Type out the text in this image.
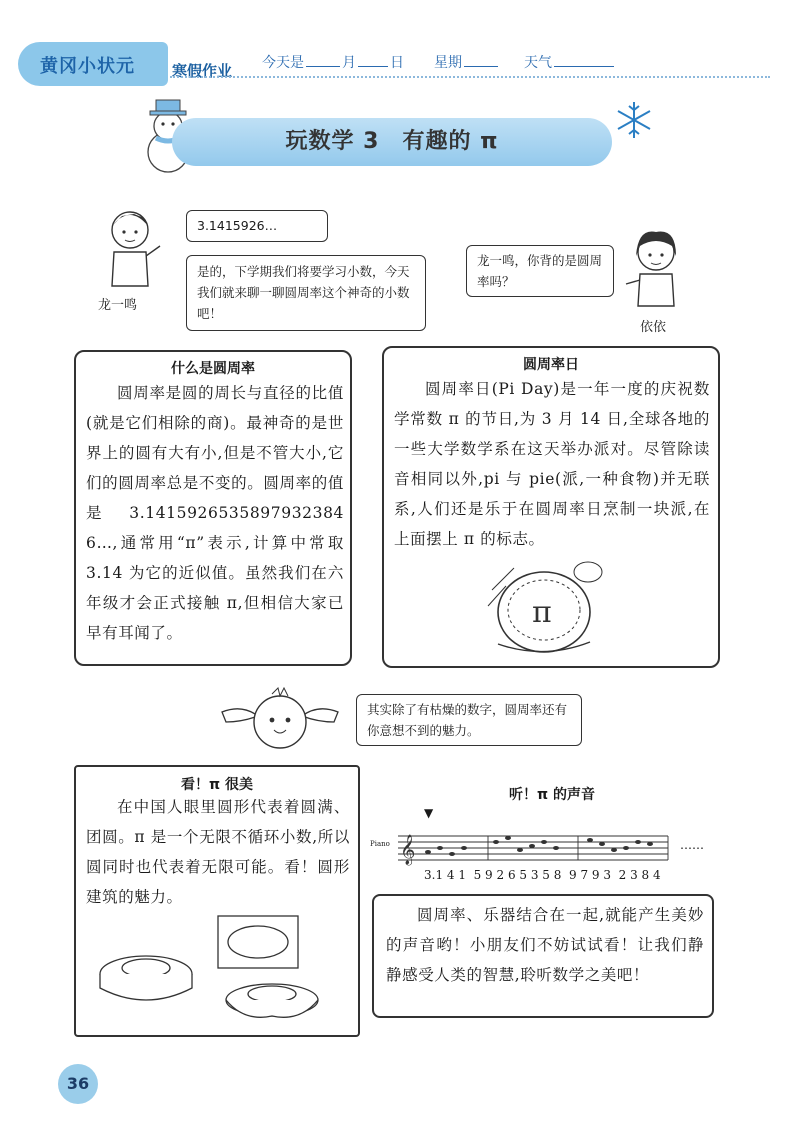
黄冈小状元 寒假作业 今天是	月 日 星期	天气
玩数学 3　有趣的 π
龙一鸣
3.1415926…
是的，下学期我们将要学习小数，今天我们就来聊一聊圆周率这个神奇的小数吧！
龙一鸣，你背的是圆周率吗？
依依
什么是圆周率

圆周率是圆的周长与直径的比值(就是它们相除的商)。最神奇的是世界上的圆有大有小,但是不管大小,它们的圆周率总是不变的。圆周率的值是3.1415926535897932384 6…,通常用“π”表示,计算中常取 3.14 为它的近似值。虽然我们在六年级才会正式接触 π,但相信大家已早有耳闻了。

圆周率日

圆周率日(Pi Day)是一年一度的庆祝数学常数 π 的节日,为 3 月 14 日,全球各地的一些大学数学系在这天举办派对。尽管除读音相同以外,pi 与 pie(派,一种食物)并无联系,人们还是乐于在圆周率日烹制一块派,在上面摆上 π 的标志。

π
其实除了有枯燥的数字，圆周率还有你意想不到的魅力。
看！π 很美

在中国人眼里圆形代表着圆满、团圆。π 是一个无限不循环小数,所以圆同时也代表着无限可能。看！圆形建筑的魅力。

听！π 的声音
▼
Piano 𝄞	……
3.1 4 1  5 9 2 6 5 3 5 8  9 7 9 3  2 3 8 4

圆周率、乐器结合在一起,就能产生美妙的声音哟！小朋友们不妨试试看！让我们静静感受人类的智慧,聆听数学之美吧！

36
